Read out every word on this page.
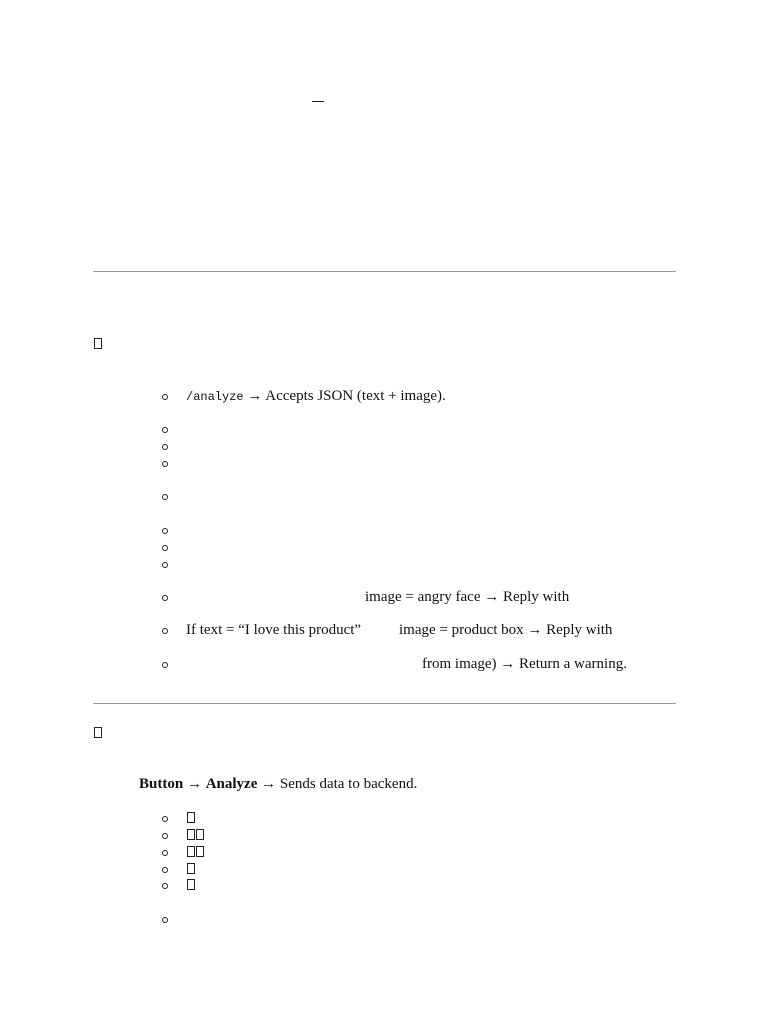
/analyze → Accepts JSON (text + image).
image = angry face → Reply with
If text = “I love this product”	image = product box → Reply with
from image) → Return a warning.
Button → Analyze → Sends data to backend.
